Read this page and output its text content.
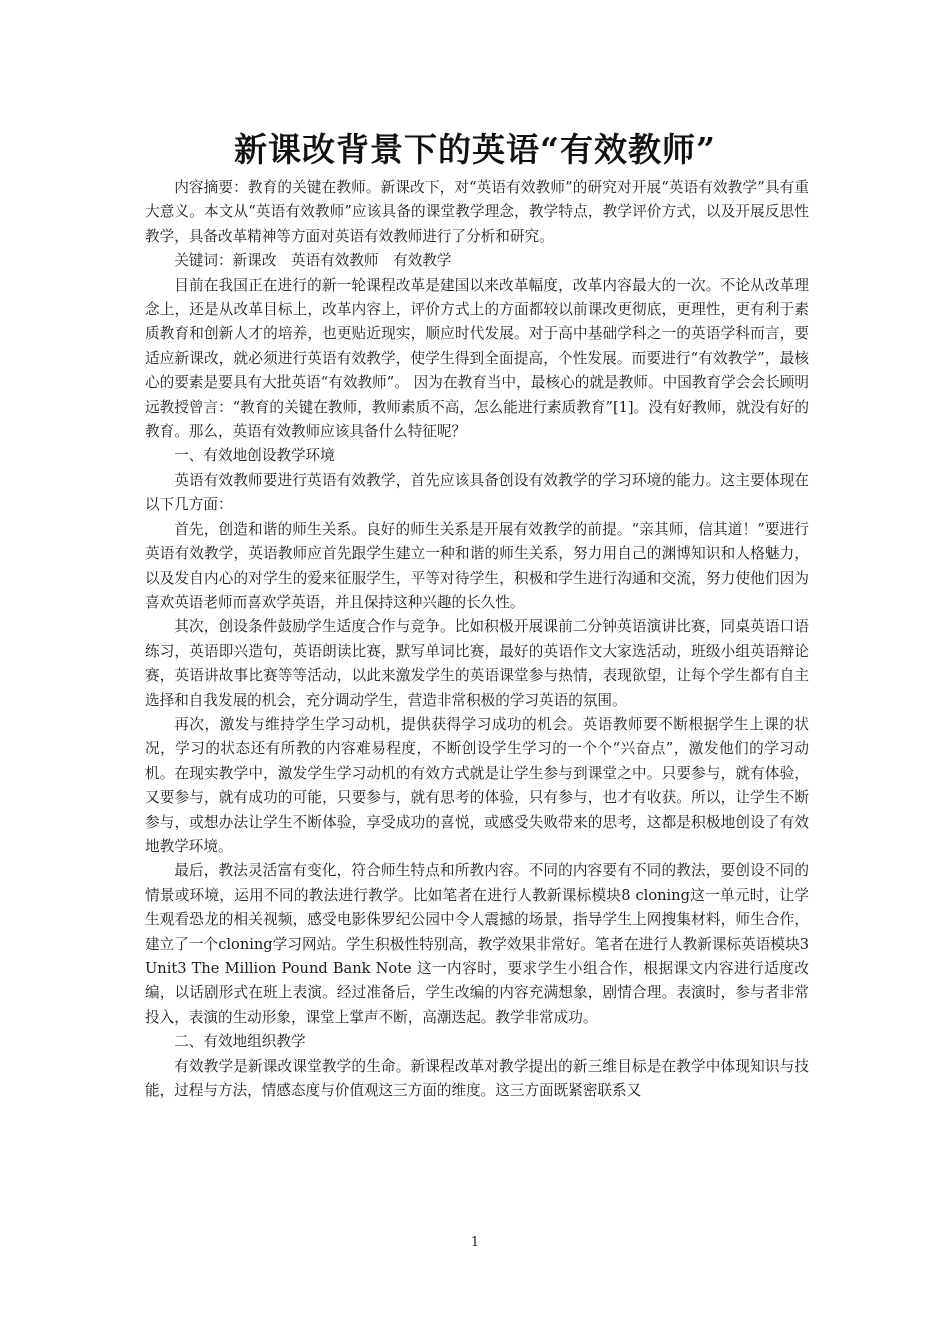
新课改背景下的英语“有效教师”

内容摘要：教育的关键在教师。新课改下，对“英语有效教师”的研究对开展“英语有效教学”具有重大意义。本文从“英语有效教师”应该具备的课堂教学理念，教学特点，教学评价方式，以及开展反思性教学，具备改革精神等方面对英语有效教师进行了分析和研究。

关键词：新课改　英语有效教师　有效教学

目前在我国正在进行的新一轮课程改革是建国以来改革幅度，改革内容最大的一次。不论从改革理念上，还是从改革目标上，改革内容上，评价方式上的方面都较以前课改更彻底，更理性，更有利于素质教育和创新人才的培养，也更贴近现实，顺应时代发展。对于高中基础学科之一的英语学科而言，要适应新课改，就必须进行英语有效教学，使学生得到全面提高，个性发展。而要进行“有效教学”，最核心的要素是要具有大批英语“有效教师”。 因为在教育当中，最核心的就是教师。中国教育学会会长顾明远教授曾言：“教育的关键在教师，教师素质不高，怎么能进行素质教育”[1]。没有好教师，就没有好的教育。那么，英语有效教师应该具备什么特征呢？

一、有效地创设教学环境

英语有效教师要进行英语有效教学，首先应该具备创设有效教学的学习环境的能力。这主要体现在以下几方面：

首先，创造和谐的师生关系。良好的师生关系是开展有效教学的前提。“亲其师，信其道！”要进行英语有效教学，英语教师应首先跟学生建立一种和谐的师生关系，努力用自己的渊博知识和人格魅力，以及发自内心的对学生的爱来征服学生，平等对待学生，积极和学生进行沟通和交流，努力使他们因为喜欢英语老师而喜欢学英语，并且保持这种兴趣的长久性。

其次，创设条件鼓励学生适度合作与竞争。比如积极开展课前二分钟英语演讲比赛，同桌英语口语练习，英语即兴造句，英语朗读比赛，默写单词比赛，最好的英语作文大家选活动，班级小组英语辩论赛，英语讲故事比赛等等活动，以此来激发学生的英语课堂参与热情，表现欲望，让每个学生都有自主选择和自我发展的机会，充分调动学生，营造非常积极的学习英语的氛围。

再次，激发与维持学生学习动机，提供获得学习成功的机会。英语教师要不断根据学生上课的状况，学习的状态还有所教的内容难易程度，不断创设学生学习的一个个“兴奋点”，激发他们的学习动机。在现实教学中，激发学生学习动机的有效方式就是让学生参与到课堂之中。只要参与，就有体验，又要参与，就有成功的可能，只要参与，就有思考的体验，只有参与，也才有收获。所以，让学生不断参与，或想办法让学生不断体验，享受成功的喜悦，或感受失败带来的思考，这都是积极地创设了有效地教学环境。

最后，教法灵活富有变化，符合师生特点和所教内容。不同的内容要有不同的教法，要创设不同的情景或环境，运用不同的教法进行教学。比如笔者在进行人教新课标模块8 cloning这一单元时，让学生观看恐龙的相关视频，感受电影侏罗纪公园中令人震撼的场景，指导学生上网搜集材料，师生合作，建立了一个cloning学习网站。学生积极性特别高，教学效果非常好。笔者在进行人教新课标英语模块3 Unit3 The Million Pound Bank Note 这一内容时，要求学生小组合作，根据课文内容进行适度改编，以话剧形式在班上表演。经过准备后，学生改编的内容充满想象，剧情合理。表演时，参与者非常投入，表演的生动形象，课堂上掌声不断，高潮迭起。教学非常成功。

二、有效地组织教学

有效教学是新课改课堂教学的生命。新课程改革对教学提出的新三维目标是在教学中体现知识与技能，过程与方法，情感态度与价值观这三方面的维度。这三方面既紧密联系又

1
